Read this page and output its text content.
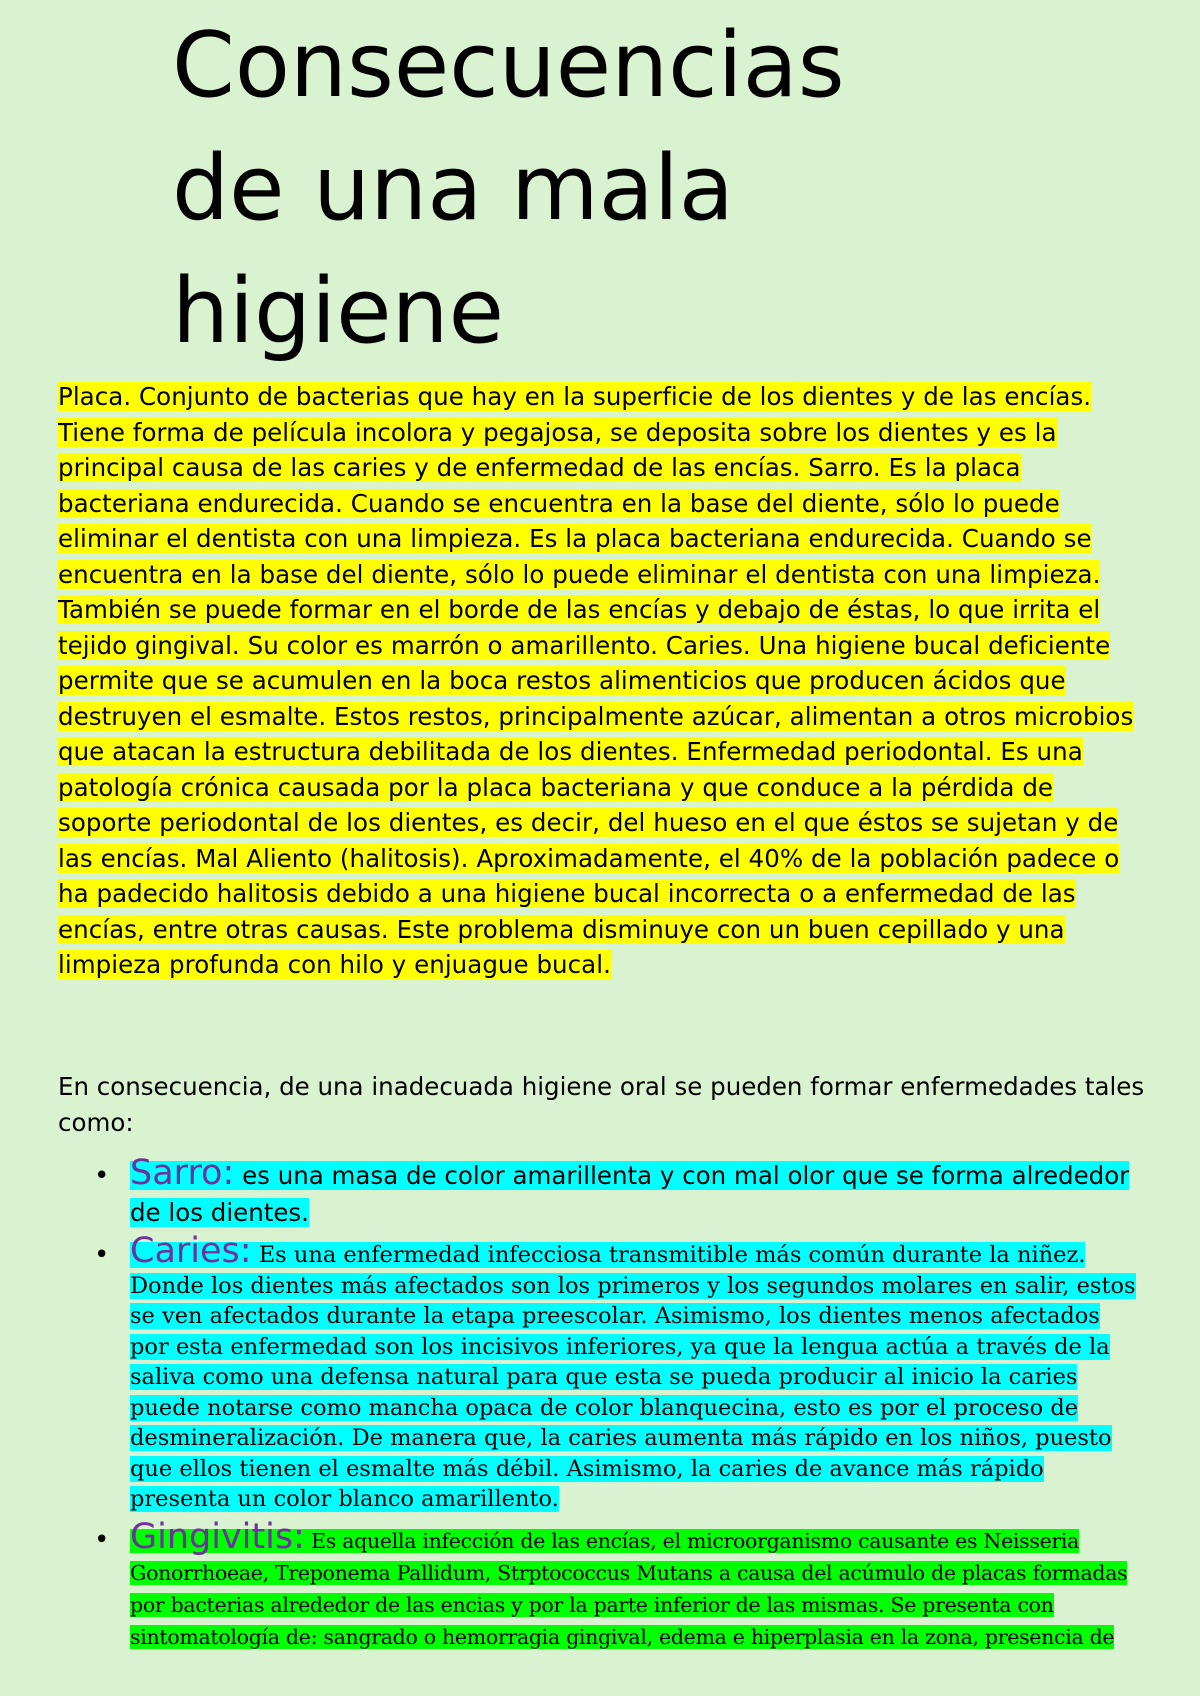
Consecuencias de una mala higiene

Placa. Conjunto de bacterias que hay en la superficie de los dientes y de las encías. Tiene forma de película incolora y pegajosa, se deposita sobre los dientes y es la principal causa de las caries y de enfermedad de las encías. Sarro. Es la placa bacteriana endurecida. Cuando se encuentra en la base del diente, sólo lo puede eliminar el dentista con una limpieza. Es la placa bacteriana endurecida. Cuando se encuentra en la base del diente, sólo lo puede eliminar el dentista con una limpieza. También se puede formar en el borde de las encías y debajo de éstas, lo que irrita el tejido gingival. Su color es marrón o amarillento. Caries. Una higiene bucal deficiente permite que se acumulen en la boca restos alimenticios que producen ácidos que destruyen el esmalte. Estos restos, principalmente azúcar, alimentan a otros microbios que atacan la estructura debilitada de los dientes. Enfermedad periodontal. Es una patología crónica causada por la placa bacteriana y que conduce a la pérdida de soporte periodontal de los dientes, es decir, del hueso en el que éstos se sujetan y de las encías. Mal Aliento (halitosis). Aproximadamente, el 40% de la población padece o ha padecido halitosis debido a una higiene bucal incorrecta o a enfermedad de las encías, entre otras causas. Este problema disminuye con un buen cepillado y una limpieza profunda con hilo y enjuague bucal.

En consecuencia, de una inadecuada higiene oral se pueden formar enfermedades tales como:

• Sarro: es una masa de color amarillenta y con mal olor que se forma alrededor de los dientes.
• Caries: Es una enfermedad infecciosa transmitible más común durante la niñez. Donde los dientes más afectados son los primeros y los segundos molares en salir, estos se ven afectados durante la etapa preescolar. Asimismo, los dientes menos afectados por esta enfermedad son los incisivos inferiores, ya que la lengua actúa a través de la saliva como una defensa natural para que esta se pueda producir al inicio la caries puede notarse como mancha opaca de color blanquecina, esto es por el proceso de desmineralización. De manera que, la caries aumenta más rápido en los niños, puesto que ellos tienen el esmalte más débil. Asimismo, la caries de avance más rápido presenta un color blanco amarillento.
• Gingivitis: Es aquella infección de las encías, el microorganismo causante es Neisseria Gonorrhoeae, Treponema Pallidum, Strptococcus Mutans a causa del acúmulo de placas formadas por bacterias alrededor de las encias y por la parte inferior de las mismas. Se presenta con sintomatología de: sangrado o hemorragia gingival, edema e hiperplasia en la zona, presencia de
